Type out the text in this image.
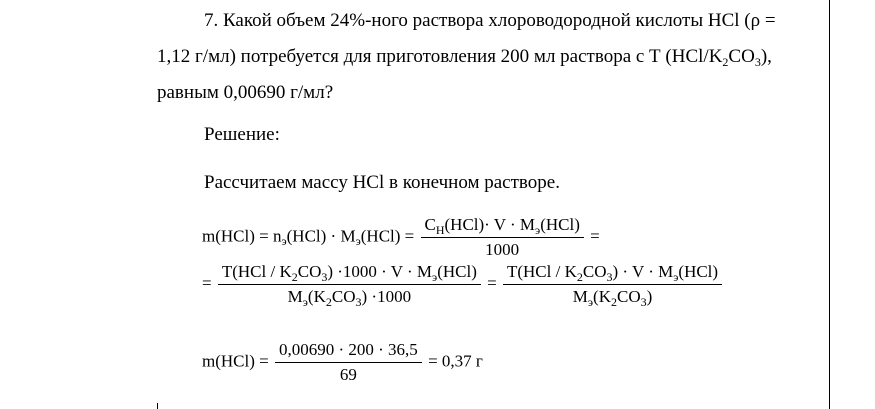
7. Какой объем 24%-ного раствора хлороводородной кислоты HCl (ρ =
1,12 г/мл) потребуется для приготовления 200 мл раствора с Т $(HCl/K_2CO_3)$,
равным 0,00690 г/мл?
Решение:
Рассчитаем массу HCl в конечном растворе.
$m(HCl) = n_э(HCl) \cdot M_э(HCl) = \frac{C_H(HCl)\cdot V \cdot M_э(HCl)}{1000}$ =
= $\frac{T(HCl / K_2CO_3) \cdot 1000 \cdot V \cdot M_э(HCl)}{M_э(K_2CO_3) \cdot 1000} = \frac{T(HCl / K_2CO_3) \cdot V \cdot M_э(HCl)}{M_э(K_2CO_3)}$
$m(HCl) = \frac{0,00690 \cdot 200 \cdot 36,5}{69} = 0,37$ г
